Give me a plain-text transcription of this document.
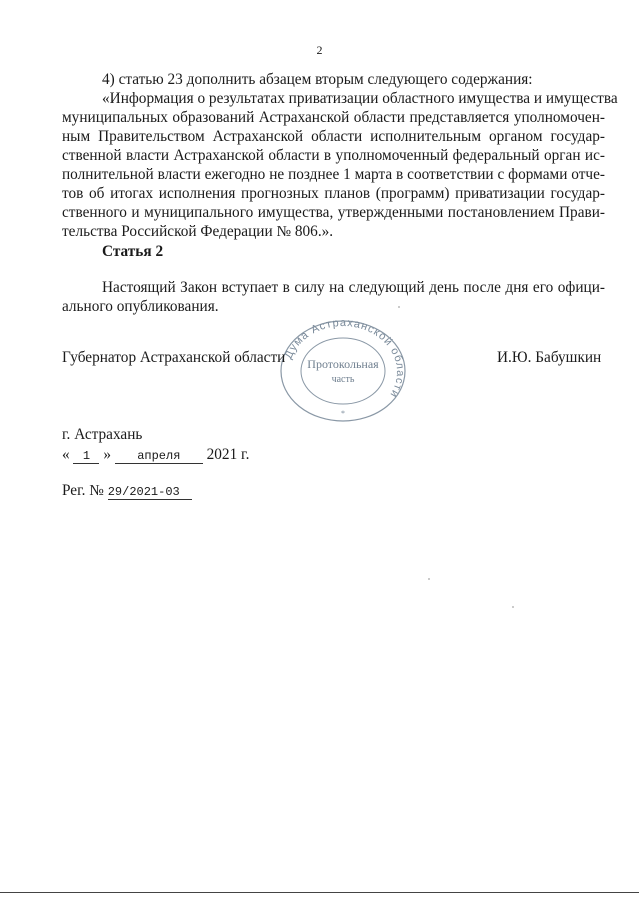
2
4) статью 23 дополнить абзацем вторым следующего содержания:
«Информация о результатах приватизации областного имущества и имущества
муниципальных образований Астраханской области представляется уполномочен-
ным Правительством Астраханской области исполнительным органом государ-
ственной власти Астраханской области в уполномоченный федеральный орган ис-
полнительной власти ежегодно не позднее 1 марта в соответствии с формами отче-
тов об итогах исполнения прогнозных планов (программ) приватизации государ-
ственного и муниципального имущества, утвержденными постановлением Прави-
тельства Российской Федерации № 806.».
Статья 2
Настоящий Закон вступает в силу на следующий день после дня его офици-
ального опубликования.
Дума Астраханской области
Протокольная
часть
*
Губернатор Астраханской области	И.Ю. Бабушкин
г. Астрахань
« 1 » апреля 2021 г.
Рег. № 29/2021-03
